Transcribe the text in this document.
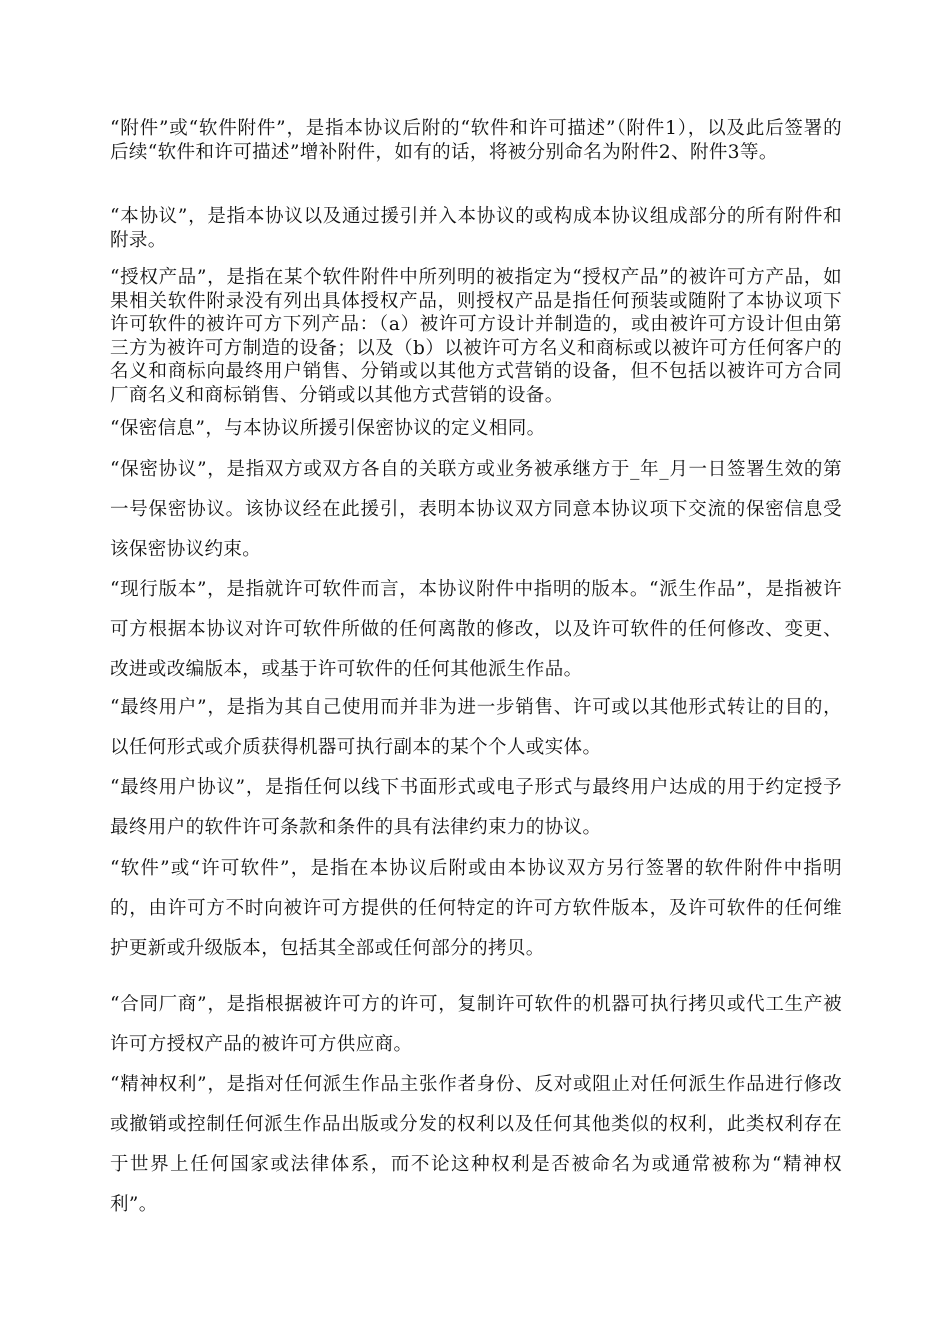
“附件”或“软件附件”，是指本协议后附的“软件和许可描述”（附件1），以及此后签署的后续“软件和许可描述”增补附件，如有的话，将被分别命名为附件2、附件3等。

“本协议”，是指本协议以及通过援引并入本协议的或构成本协议组成部分的所有附件和附录。

“授权产品”，是指在某个软件附件中所列明的被指定为“授权产品”的被许可方产品，如果相关软件附录没有列出具体授权产品，则授权产品是指任何预装或随附了本协议项下许可软件的被许可方下列产品：（a）被许可方设计并制造的，或由被许可方设计但由第三方为被许可方制造的设备；以及（b）以被许可方名义和商标或以被许可方任何客户的名义和商标向最终用户销售、分销或以其他方式营销的设备，但不包括以被许可方合同厂商名义和商标销售、分销或以其他方式营销的设备。

“保密信息”，与本协议所援引保密协议的定义相同。

“保密协议”，是指双方或双方各自的关联方或业务被承继方于_年_月一日签署生效的第一号保密协议。该协议经在此援引，表明本协议双方同意本协议项下交流的保密信息受该保密协议约束。

“现行版本”，是指就许可软件而言，本协议附件中指明的版本。“派生作品”，是指被许可方根据本协议对许可软件所做的任何离散的修改，以及许可软件的任何修改、变更、改进或改编版本，或基于许可软件的任何其他派生作品。

“最终用户”，是指为其自己使用而并非为进一步销售、许可或以其他形式转让的目的，以任何形式或介质获得机器可执行副本的某个个人或实体。

“最终用户协议”，是指任何以线下书面形式或电子形式与最终用户达成的用于约定授予最终用户的软件许可条款和条件的具有法律约束力的协议。

“软件”或“许可软件”，是指在本协议后附或由本协议双方另行签署的软件附件中指明的，由许可方不时向被许可方提供的任何特定的许可方软件版本，及许可软件的任何维护更新或升级版本，包括其全部或任何部分的拷贝。

“合同厂商”，是指根据被许可方的许可，复制许可软件的机器可执行拷贝或代工生产被许可方授权产品的被许可方供应商。

“精神权利”，是指对任何派生作品主张作者身份、反对或阻止对任何派生作品进行修改或撤销或控制任何派生作品出版或分发的权利以及任何其他类似的权利，此类权利存在于世界上任何国家或法律体系，而不论这种权利是否被命名为或通常被称为“精神权利”。
